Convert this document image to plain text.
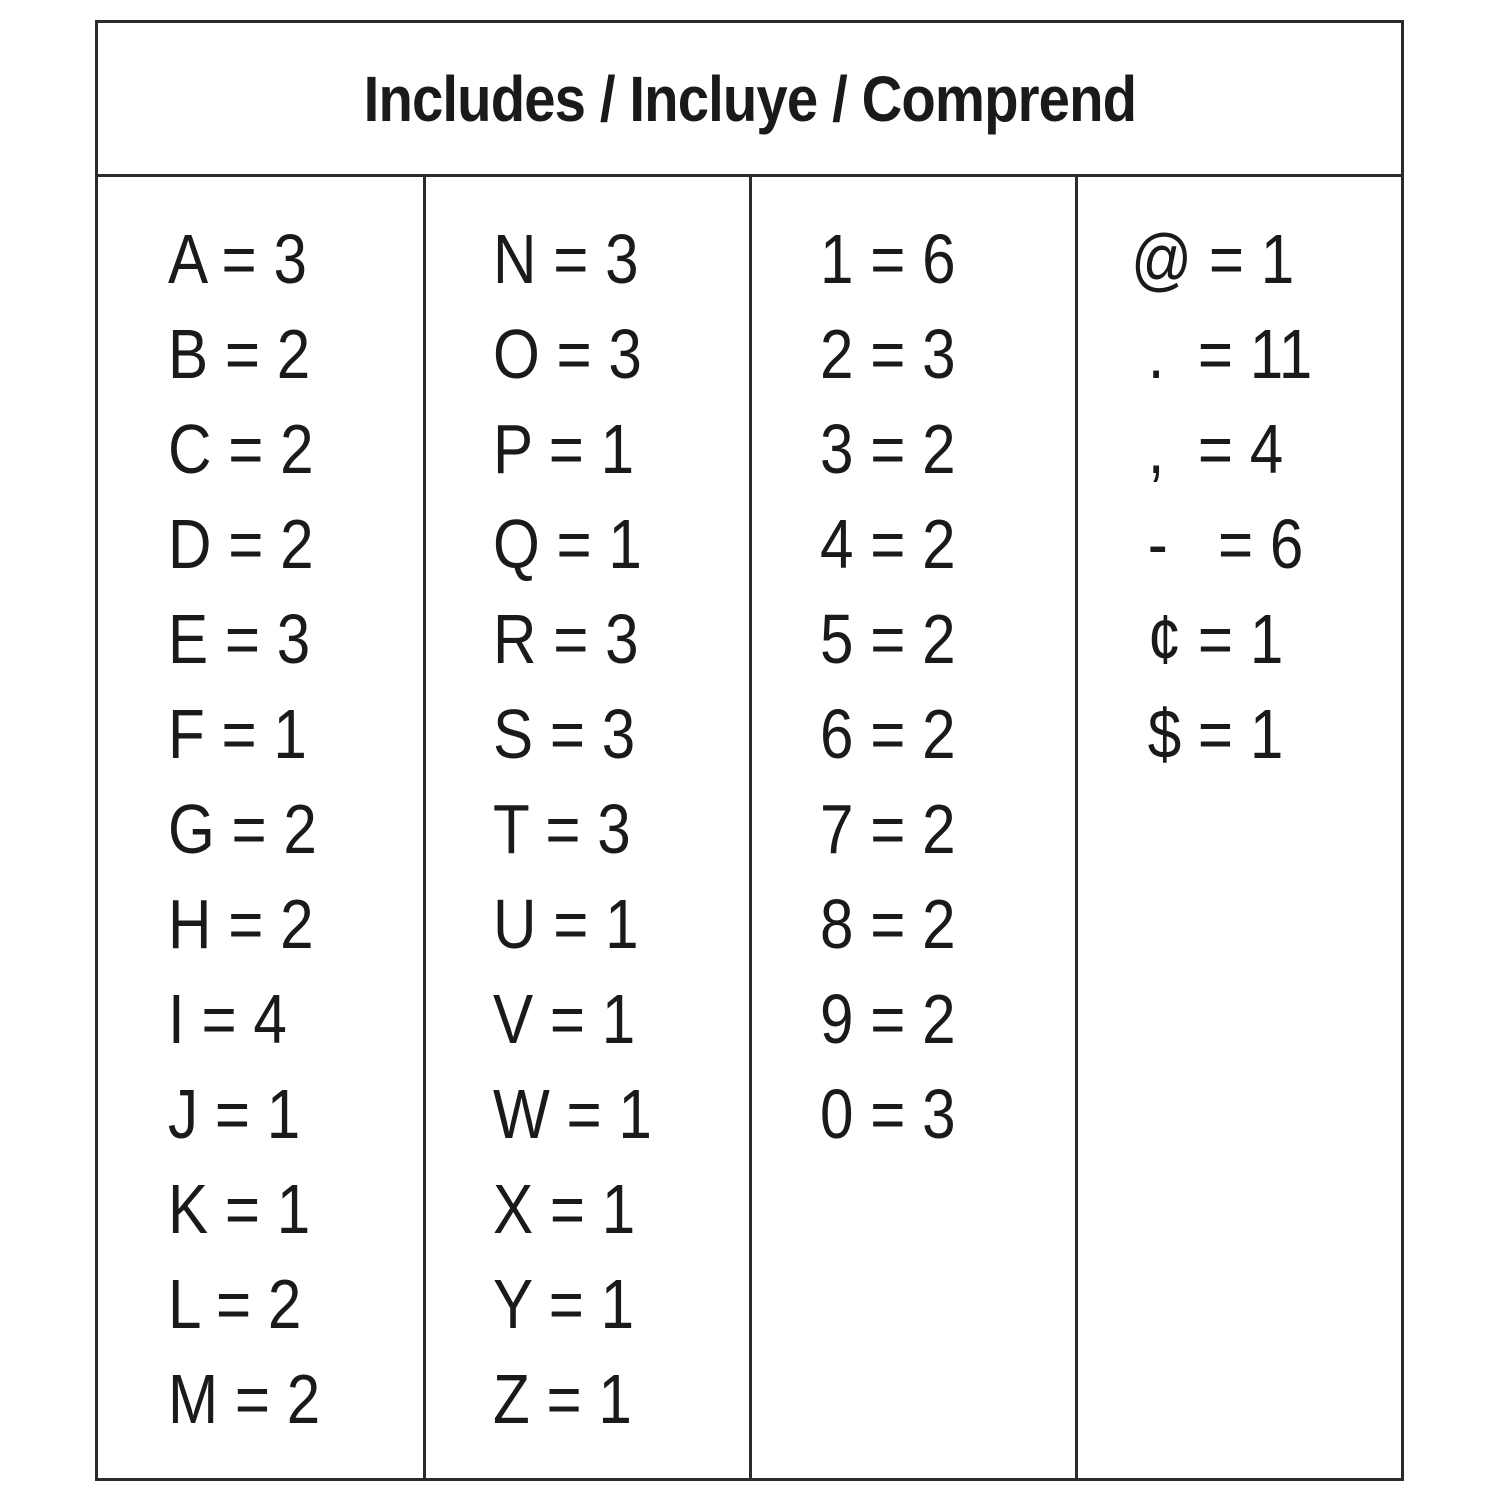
Includes / Incluye / Comprend
A = 3
B = 2
C = 2
D = 2
E = 3
F = 1
G = 2
H = 2
I = 4
J = 1
K = 1
L = 2
M = 2
N = 3
O = 3
P = 1
Q = 1
R = 3
S = 3
T = 3
U = 1
V = 1
W = 1
X = 1
Y = 1
Z = 1
1 = 6
2 = 3
3 = 2
4 = 2
5 = 2
6 = 2
7 = 2
8 = 2
9 = 2
0 = 3
@ = 1
.  = 11
,  = 4
-   = 6
¢ = 1
$ = 1
